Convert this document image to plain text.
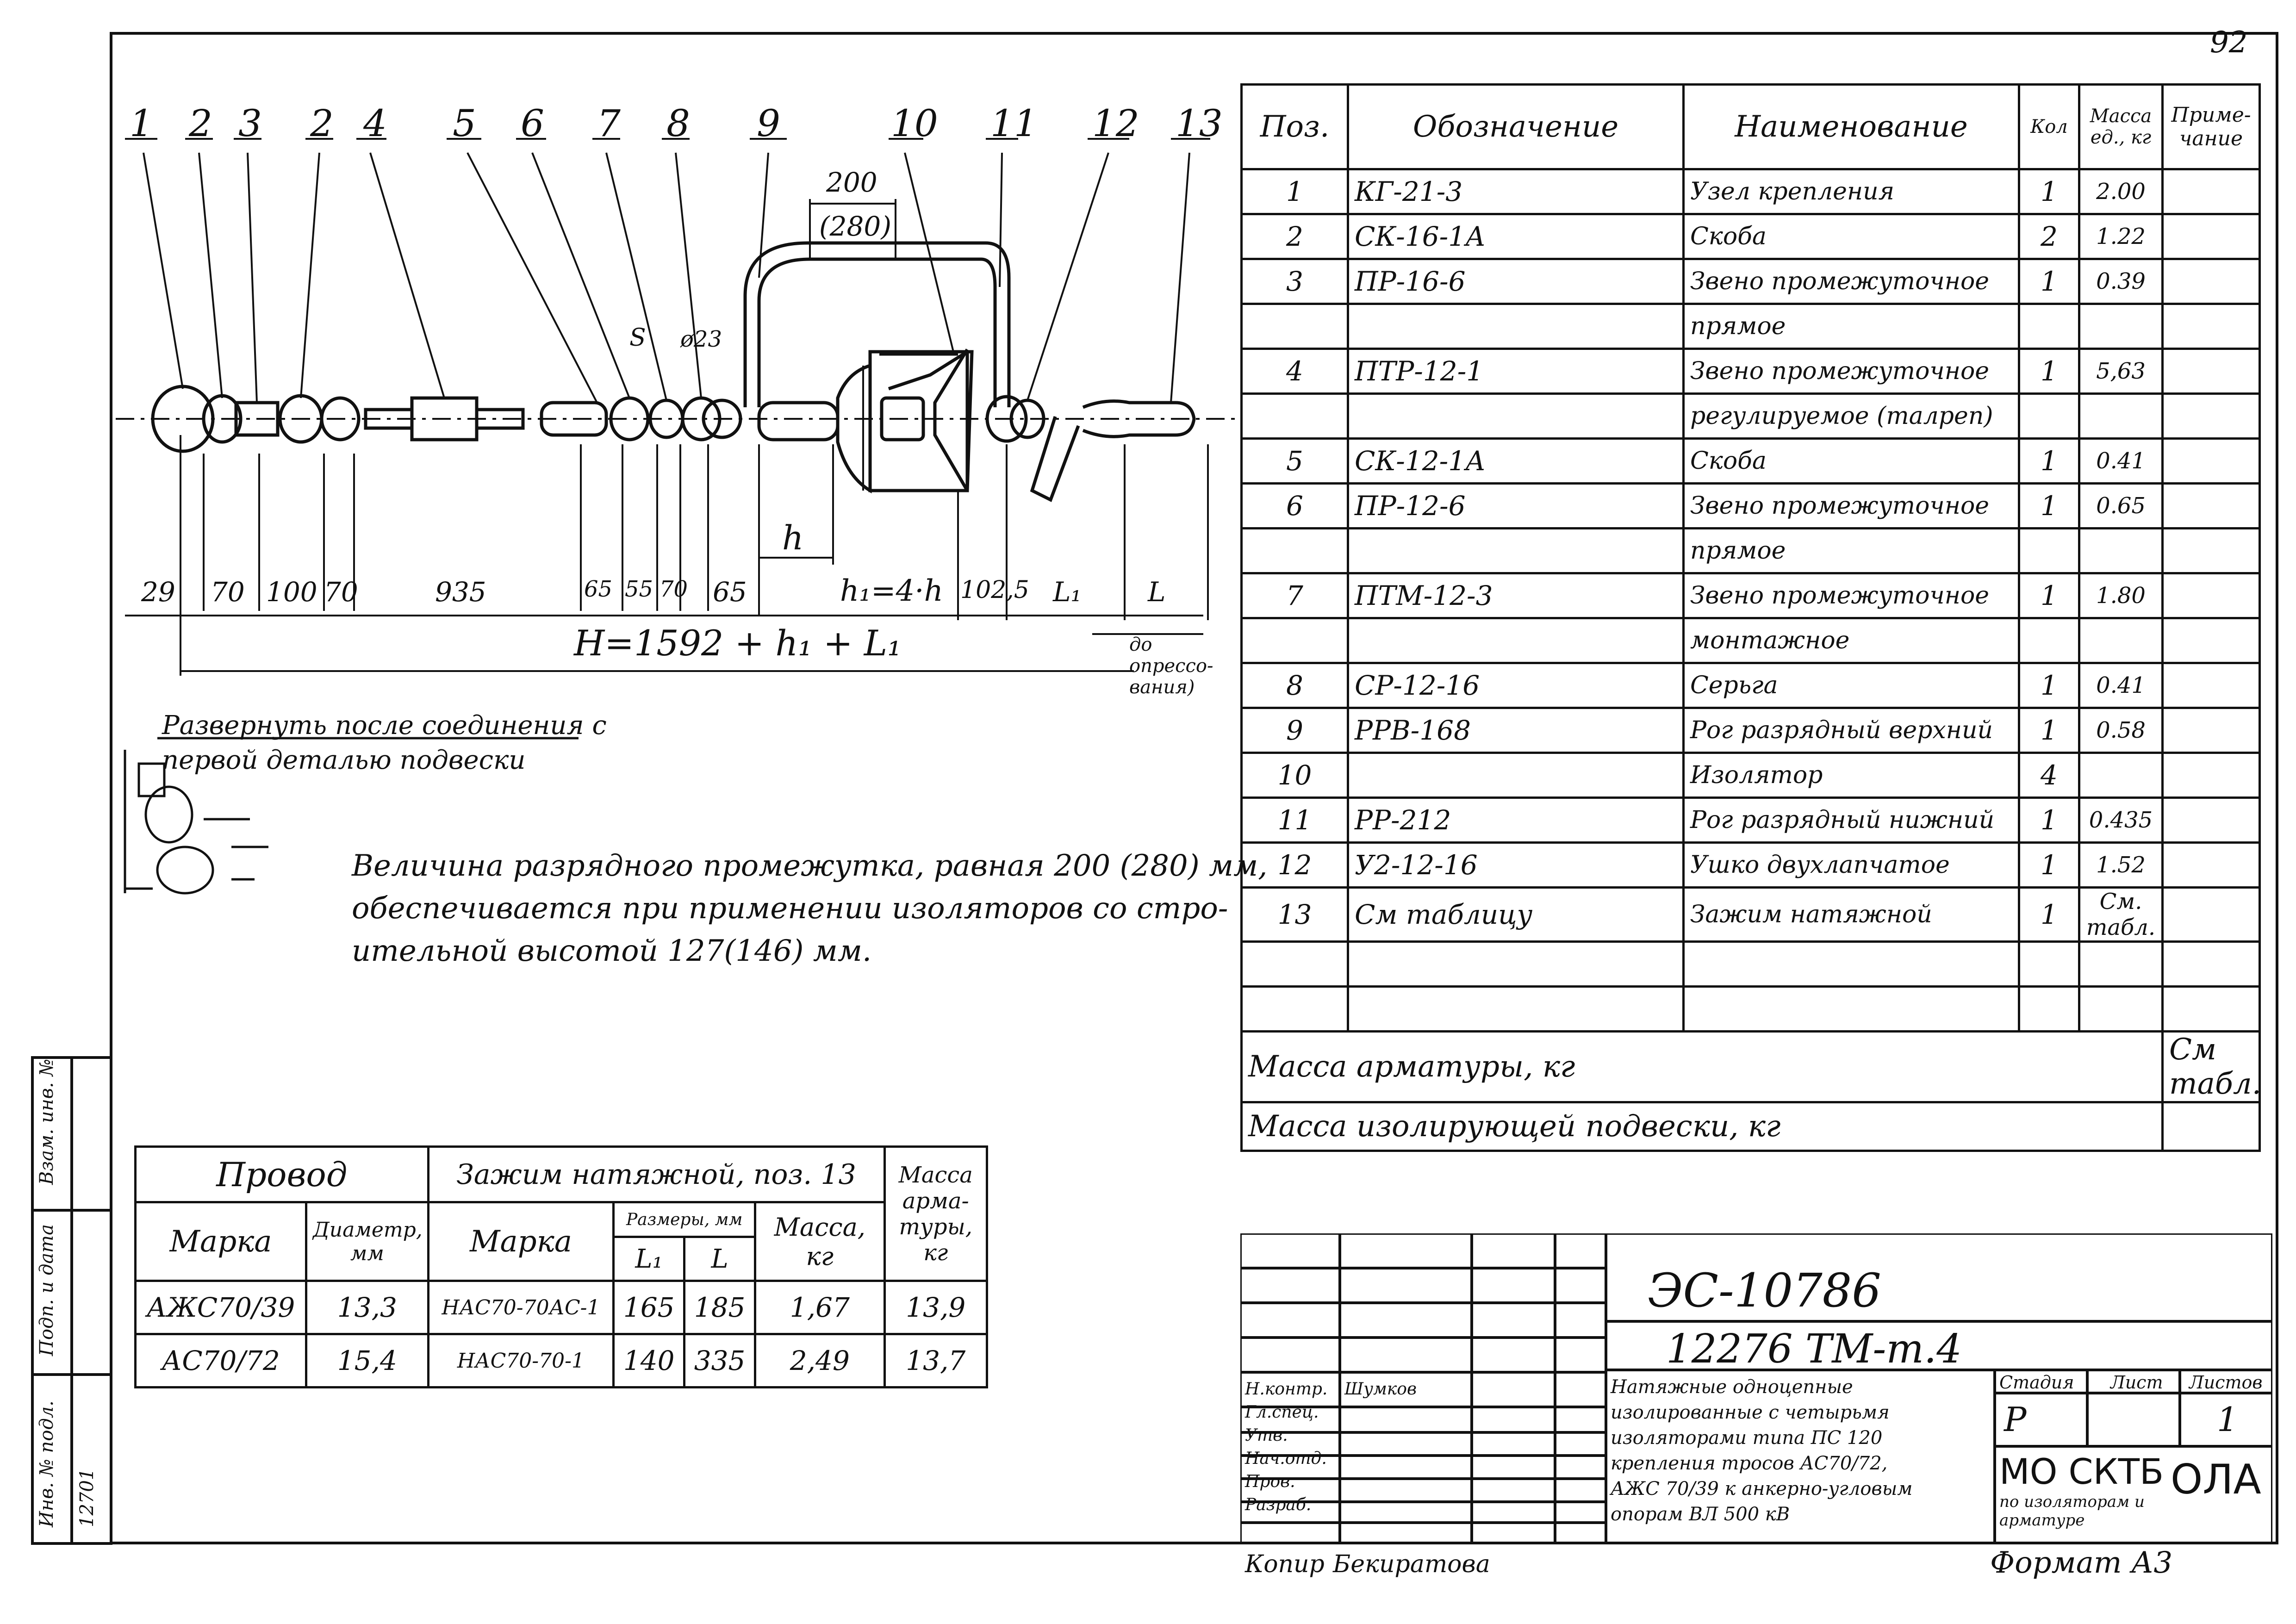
92
1 2 3 2 4 5 6 7 8 9	10 11 12 13
200
(280)
ø23
S
h
h₁=4·h
29 70 100 70	935	65 55 70 65	102,5 L₁ L
H=1592 + h₁ + L₁	до опрессо-вания)
Развернуть после соединения с
первой деталью подвески
Величина разрядного промежутка, равная 200 (280) мм,
обеспечивается при применении изоляторов со стро-
ительной высотой 127(146) мм.
Поз.	Обозначение	Наименование	Кол	Масса ед., кг	Приме-чание
1	КГ-21-3	Узел крепления	1	2.00	
2	СК-16-1А	Скоба	2	1.22	
3	ПР-16-6	Звено промежуточное	1	0.39	
		прямое			
4	ПТР-12-1	Звено промежуточное	1	5,63	
		регулируемое (талреп)			
5	СК-12-1А	Скоба	1	0.41	
6	ПР-12-6	Звено промежуточное	1	0.65	
		прямое			
7	ПТМ-12-3	Звено промежуточное	1	1.80	
		монтажное			
8	СР-12-16	Серьга	1	0.41	
9	РРВ-168	Рог разрядный верхний	1	0.58	
10		Изолятор	4		
11	РР-212	Рог разрядный нижний	1	0.435	
12	У2-12-16	Ушко двухлапчатое	1	1.52	
13	См таблицу	Зажим натяжной	1	См. табл.	

Масса арматуры, кг					См табл.
Масса изолирующей подвески, кг					
Провод		Зажим натяжной, поз. 13				Масса арма-туры, кг
Марка	Диаметр, мм	Марка	Размеры, мм		Масса, кг	
			L₁	L		
АЖС70/39	13,3	НАС70-70АС-1	165	185	1,67	13,9
АС70/72	15,4	НАС70-70-1	140	335	2,49	13,7
ЭС-10786
12276 ТМ-т.4
Натяжные одноцепные
изолированные с четырьмя
изоляторами типа ПС 120
крепления тросов АС70/72,
АЖС 70/39 к анкерно-угловым
опорам ВЛ 500 кВ
Стадия Лист Листов
Р	1
МО СКТБ
по изоляторам и арматуре
ОЛА
Н.контр.
Гл.спец.
Утв.
Нач.отд.
Пров.
Разраб.
Шумков
Копир Бекиратова	Формат А3
Взам. инв. №
Подп. и дата
Инв. № подл. 12701
